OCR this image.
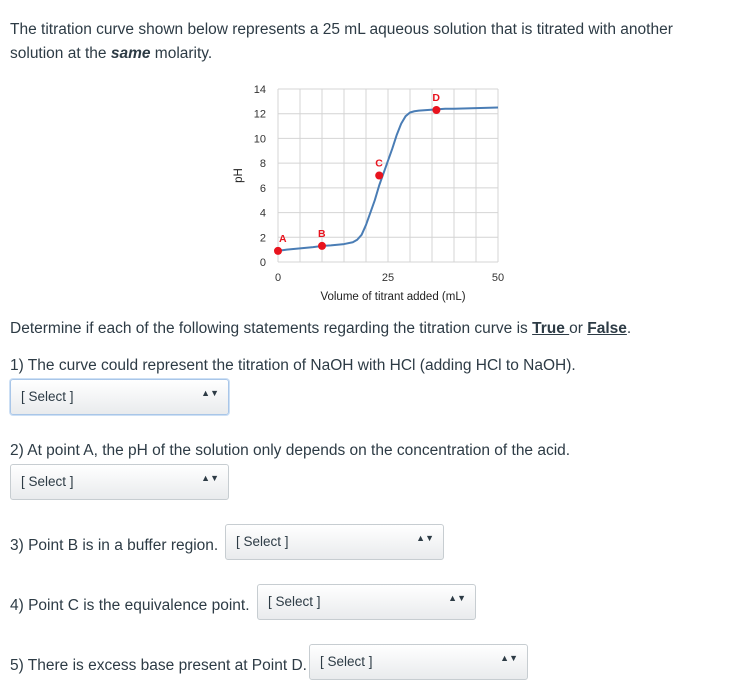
The titration curve shown below represents a 25 mL aqueous solution that is titrated with another solution at the same molarity.
0
2
4
6
8
10
12
14
0	25	50
Volume of titrant added (mL)
pH
A	B
C
D
Determine if each of the following statements regarding the titration curve is True or False.
1) The curve could represent the titration of NaOH with HCl (adding HCl to NaOH).
[ Select ]	▲▼
2) At point A, the pH of the solution only depends on the concentration of the acid.
[ Select ]	▲▼
3) Point B is in a buffer region.	[ Select ]	▲▼
4) Point C is the equivalence point.	[ Select ]	▲▼
5) There is excess base present at Point D. [ Select ]	▲▼
